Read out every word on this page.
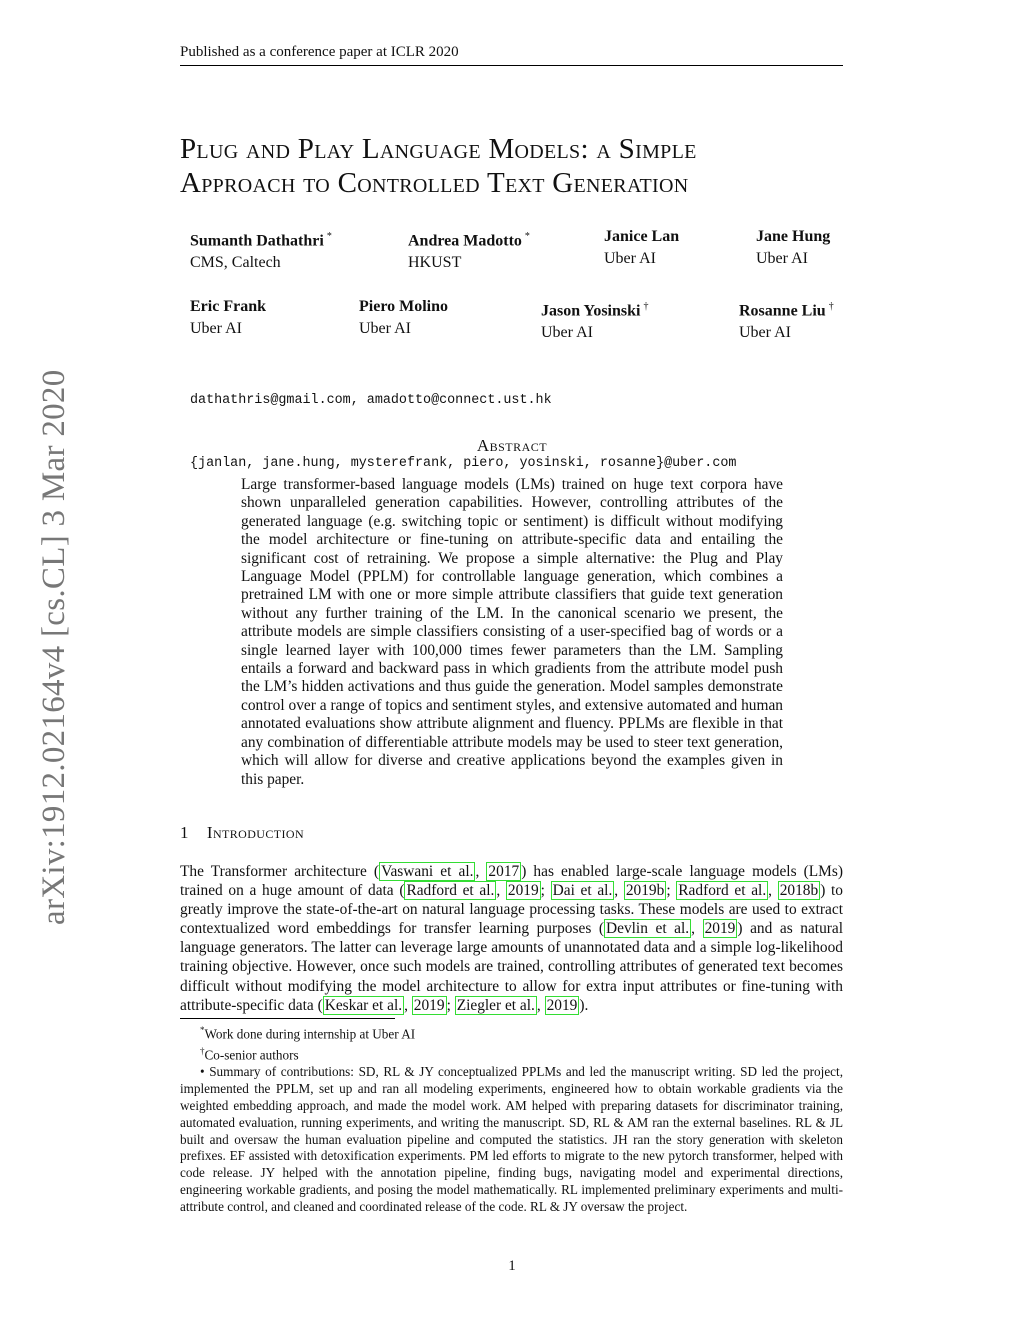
Published as a conference paper at ICLR 2020
Plug and Play Language Models: a Simple
Approach to Controlled Text Generation
Sumanth Dathathri *
CMS, Caltech
Andrea Madotto *
HKUST
Janice Lan
Uber AI
Jane Hung
Uber AI
Eric Frank
Uber AI
Piero Molino
Uber AI
Jason Yosinski †
Uber AI
Rosanne Liu †
Uber AI

dathathris@gmail.com, amadotto@connect.ust.hk

{janlan, jane.hung, mysterefrank, piero, yosinski, rosanne}@uber.com

Abstract
Large transformer-based language models (LMs) trained on huge text corpora have shown unparalleled generation capabilities. However, controlling attributes of the generated language (e.g. switching topic or sentiment) is difficult without modifying the model architecture or fine-tuning on attribute-specific data and entailing the significant cost of retraining. We propose a simple alternative: the Plug and Play Language Model (PPLM) for controllable language generation, which combines a pretrained LM with one or more simple attribute classifiers that guide text generation without any further training of the LM. In the canonical scenario we present, the attribute models are simple classifiers consisting of a user-specified bag of words or a single learned layer with 100,000 times fewer parameters than the LM. Sampling entails a forward and backward pass in which gradients from the attribute model push the LM’s hidden activations and thus guide the generation. Model samples demonstrate control over a range of topics and sentiment styles, and extensive automated and human annotated evaluations show attribute alignment and fluency. PPLMs are flexible in that any combination of differentiable attribute models may be used to steer text generation, which will allow for diverse and creative applications beyond the examples given in this paper.
1 Introduction
The Transformer architecture ( Vaswani et al. , 2017 ) has enabled large-scale language models (LMs) trained on a huge amount of data ( Radford et al. , 2019 ; Dai et al. , 2019b ; Radford et al. , 2018b ) to greatly improve the state-of-the-art on natural language processing tasks. These models are used to extract contextualized word embeddings for transfer learning purposes ( Devlin et al. , 2019 ) and as natural language generators. The latter can leverage large amounts of unannotated data and a simple log-likelihood training objective. However, once such models are trained, controlling attributes of generated text becomes difficult without modifying the model architecture to allow for extra input attributes or fine-tuning with attribute-specific data ( Keskar et al. , 2019 ; Ziegler et al. , 2019 ).
*Work done during internship at Uber AI
†Co-senior authors
• Summary of contributions: SD, RL & JY conceptualized PPLMs and led the manuscript writing. SD led the project, implemented the PPLM, set up and ran all modeling experiments, engineered how to obtain workable gradients via the weighted embedding approach, and made the model work. AM helped with preparing datasets for discriminator training, automated evaluation, running experiments, and writing the manuscript. SD, RL & AM ran the external baselines. RL & JL built and oversaw the human evaluation pipeline and computed the statistics. JH ran the story generation with skeleton prefixes. EF assisted with detoxification experiments. PM led efforts to migrate to the new pytorch transformer, helped with code release. JY helped with the annotation pipeline, finding bugs, navigating model and experimental directions, engineering workable gradients, and posing the model mathematically. RL implemented preliminary experiments and multi-attribute control, and cleaned and coordinated release of the code. RL & JY oversaw the project.
1
arXiv:1912.02164v4 [cs.CL] 3 Mar 2020
